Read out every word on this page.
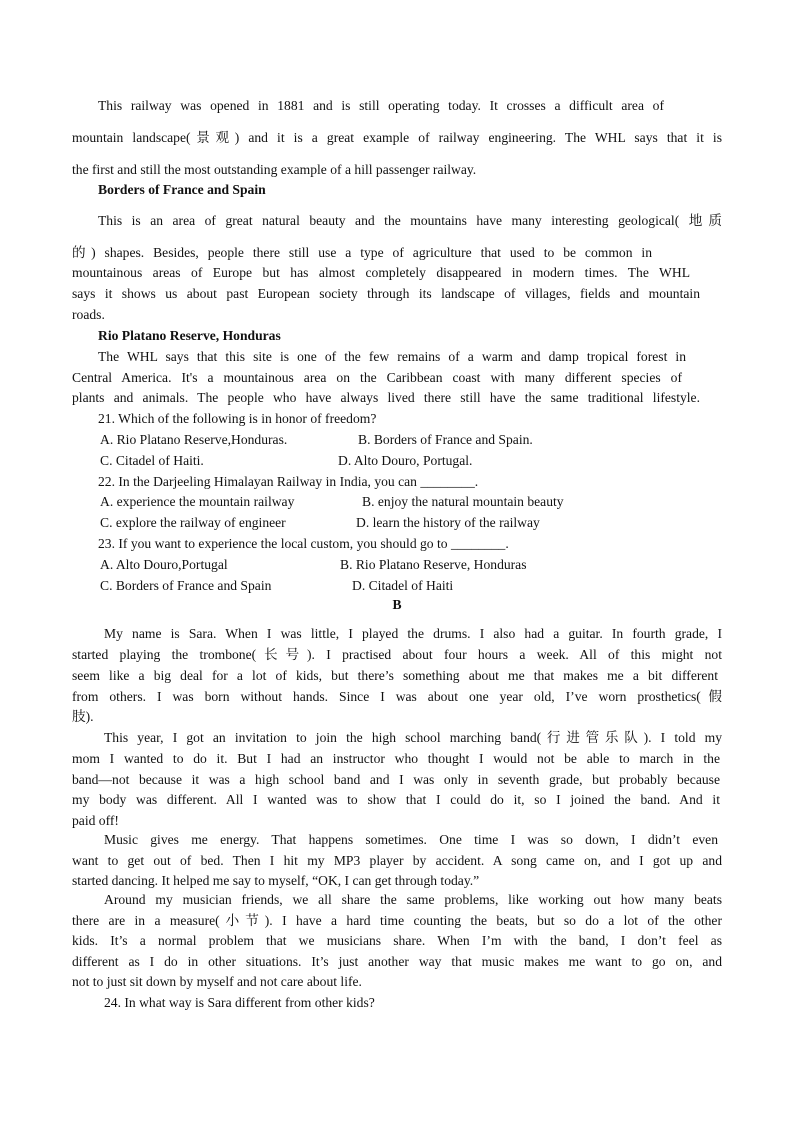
This railway was opened in 1881 and is still operating today. It crosses a difficult area of
mountain landscape(景观) and it is a great example of railway engineering. The WHL says that it is
the first and still the most outstanding example of a hill passenger railway.
Borders of France and Spain
This is an area of great natural beauty and the mountains have many interesting geological( 地质
的) shapes. Besides, people there still use a type of agriculture that used to be common in
mountainous areas of Europe but has almost completely disappeared in modern times. The WHL
says it shows us about past European society through its landscape of villages, fields and mountain
roads.
Rio Platano Reserve, Honduras
The WHL says that this site is one of the few remains of a warm and damp tropical forest in
Central America. It's a mountainous area on the Caribbean coast with many different species of
plants and animals. The people who have always lived there still have the same traditional lifestyle.
21. Which of the following is in honor of freedom?
A. Rio Platano Reserve,Honduras.	B. Borders of France and Spain.
C. Citadel of Haiti.	D. Alto Douro, Portugal.
22. In the Darjeeling Himalayan Railway in India, you can ________.
A. experience the mountain railway	B. enjoy the natural mountain beauty
C. explore the railway of engineer	D. learn the history of the railway
23. If you want to experience the local custom, you should go to ________.
A. Alto Douro,Portugal	B. Rio Platano Reserve, Honduras
C. Borders of France and Spain	D. Citadel of Haiti
B
My name is Sara. When I was little, I played the drums. I also had a guitar. In fourth grade, I
started playing the trombone(长号). I practised about four hours a week. All of this might not
seem like a big deal for a lot of kids, but there’s something about me that makes me a bit different
from others. I was born without hands. Since I was about one year old, I’ve worn prosthetics(假
肢).
This year, I got an invitation to join the high school marching band(行进管乐队). I told my
mom I wanted to do it. But I had an instructor who thought I would not be able to march in the
band—not because it was a high school band and I was only in seventh grade, but probably because
my body was different. All I wanted was to show that I could do it, so I joined the band. And it
paid off!
Music gives me energy. That happens sometimes. One time I was so down, I didn’t even
want to get out of bed. Then I hit my MP3 player by accident. A song came on, and I got up and
started dancing. It helped me say to myself, “OK, I can get through today.”
Around my musician friends, we all share the same problems, like working out how many beats
there are in a measure(小节). I have a hard time counting the beats, but so do a lot of the other
kids. It’s a normal problem that we musicians share. When I’m with the band, I don’t feel as
different as I do in other situations. It’s just another way that music makes me want to go on, and
not to just sit down by myself and not care about life.
24. In what way is Sara different from other kids?
